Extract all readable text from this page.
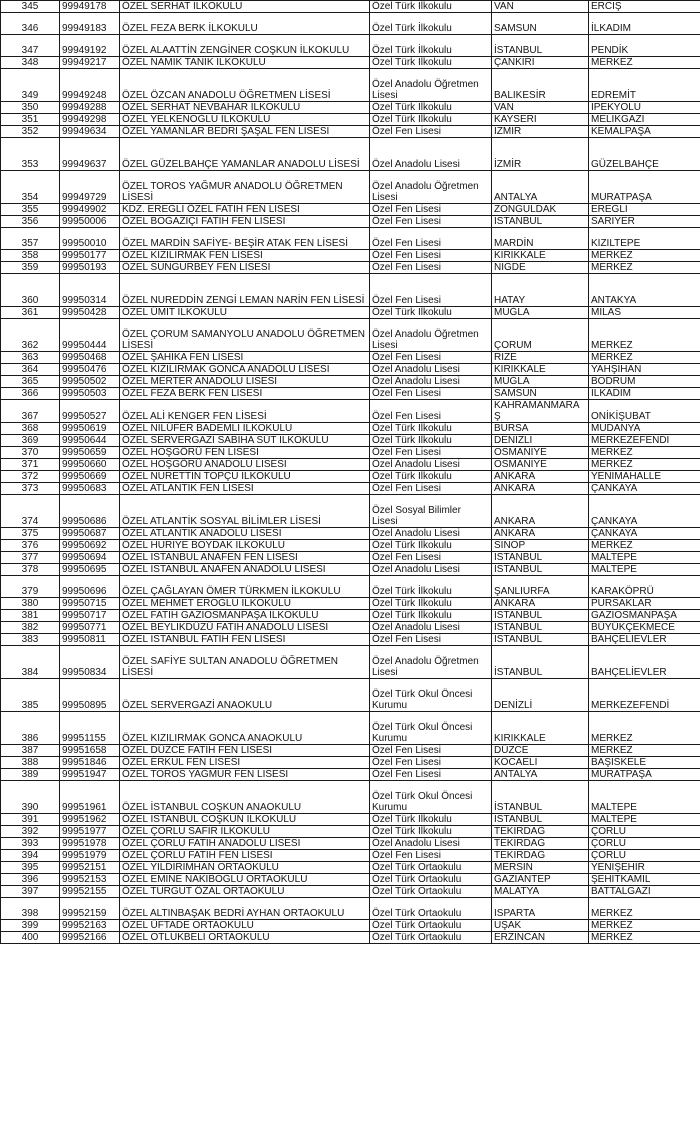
345	99949178	ÖZEL SERHAT İLKOKULU	Özel Türk İlkokulu	VAN	ERCİŞ
346	99949183	ÖZEL FEZA BERK İLKOKULU	Özel Türk İlkokulu	SAMSUN	İLKADIM
347	99949192	ÖZEL ALAATTİN ZENGİNER COŞKUN İLKOKULU	Özel Türk İlkokulu	İSTANBUL	PENDİK
348	99949217	ÖZEL NAMIK TANIK İLKOKULU	Özel Türk İlkokulu	ÇANKIRI	MERKEZ
349	99949248	ÖZEL ÖZCAN ANADOLU ÖĞRETMEN LİSESİ	Özel Anadolu Öğretmen Lisesi	BALIKESİR	EDREMİT
350	99949288	ÖZEL SERHAT NEVBAHAR İLKOKULU	Özel Türk İlkokulu	VAN	İPEKYOLU
351	99949298	ÖZEL YELKENOĞLU İLKOKULU	Özel Türk İlkokulu	KAYSERİ	MELİKGAZİ
352	99949634	ÖZEL YAMANLAR BEDRİ ŞAŞAL FEN LİSESİ	Özel Fen Lisesi	İZMİR	KEMALPAŞA
353	99949637	ÖZEL GÜZELBAHÇE YAMANLAR ANADOLU LİSESİ	Özel Anadolu Lisesi	İZMİR	GÜZELBAHÇE
354	99949729	ÖZEL TOROS YAĞMUR ANADOLU ÖĞRETMEN LİSESİ	Özel Anadolu Öğretmen Lisesi	ANTALYA	MURATPAŞA
355	99949902	KDZ. EREĞLİ ÖZEL FATİH FEN LİSESİ	Özel Fen Lisesi	ZONGULDAK	EREĞLİ
356	99950006	ÖZEL BOĞAZİÇİ FATİH FEN LİSESİ	Özel Fen Lisesi	İSTANBUL	SARIYER
357	99950010	ÖZEL MARDİN SAFİYE- BEŞİR ATAK FEN LİSESİ	Özel Fen Lisesi	MARDİN	KIZILTEPE
358	99950177	ÖZEL KIZILIRMAK FEN LİSESİ	Özel Fen Lisesi	KIRIKKALE	MERKEZ
359	99950193	ÖZEL SUNGURBEY FEN LİSESİ	Özel Fen Lisesi	NİĞDE	MERKEZ
360	99950314	ÖZEL NUREDDİN ZENGİ LEMAN NARİN FEN LİSESİ	Özel Fen Lisesi	HATAY	ANTAKYA
361	99950428	ÖZEL ÜMİT İLKOKULU	Özel Türk İlkokulu	MUĞLA	MİLAS
362	99950444	ÖZEL ÇORUM SAMANYOLU ANADOLU ÖĞRETMEN LİSESİ	Özel Anadolu Öğretmen Lisesi	ÇORUM	MERKEZ
363	99950468	ÖZEL ŞAHİKA FEN LİSESİ	Özel Fen Lisesi	RİZE	MERKEZ
364	99950476	ÖZEL KIZILIRMAK GONCA ANADOLU LİSESİ	Özel Anadolu Lisesi	KIRIKKALE	YAHŞİHAN
365	99950502	ÖZEL MERTER ANADOLU LİSESİ	Özel Anadolu Lisesi	MUĞLA	BODRUM
366	99950503	ÖZEL FEZA BERK FEN LİSESİ	Özel Fen Lisesi	SAMSUN	İLKADIM
367	99950527	ÖZEL ALİ KENGER FEN LİSESİ	Özel Fen Lisesi	KAHRAMANMARAŞ	ONİKİŞUBAT
368	99950619	ÖZEL NİLÜFER BADEMLİ İLKOKULU	Özel Türk İlkokulu	BURSA	MUDANYA
369	99950644	ÖZEL SERVERGAZİ SABİHA SÜT İLKOKULU	Özel Türk İlkokulu	DENİZLİ	MERKEZEFENDİ
370	99950659	ÖZEL HOŞGÖRÜ FEN LİSESİ	Özel Fen Lisesi	OSMANİYE	MERKEZ
371	99950660	ÖZEL HOŞGÖRÜ ANADOLU LİSESİ	Özel Anadolu Lisesi	OSMANİYE	MERKEZ
372	99950669	ÖZEL NURETTİN TOPÇU İLKOKULU	Özel Türk İlkokulu	ANKARA	YENİMAHALLE
373	99950683	ÖZEL ATLANTİK FEN LİSESİ	Özel Fen Lisesi	ANKARA	ÇANKAYA
374	99950686	ÖZEL ATLANTİK SOSYAL BİLİMLER LİSESİ	Özel Sosyal Bilimler Lisesi	ANKARA	ÇANKAYA
375	99950687	ÖZEL ATLANTİK ANADOLU LİSESİ	Özel Anadolu Lisesi	ANKARA	ÇANKAYA
376	99950692	ÖZEL HURİYE BOYDAK İLKOKULU	Özel Türk İlkokulu	SİNOP	MERKEZ
377	99950694	ÖZEL İSTANBUL ANAFEN FEN LİSESİ	Özel Fen Lisesi	İSTANBUL	MALTEPE
378	99950695	ÖZEL İSTANBUL ANAFEN ANADOLU LİSESİ	Özel Anadolu Lisesi	İSTANBUL	MALTEPE
379	99950696	ÖZEL ÇAĞLAYAN ÖMER TÜRKMEN İLKOKULU	Özel Türk İlkokulu	ŞANLIURFA	KARAKÖPRÜ
380	99950715	ÖZEL MEHMET EROĞLU İLKOKULU	Özel Türk İlkokulu	ANKARA	PURSAKLAR
381	99950717	ÖZEL FATİH GAZİOSMANPAŞA İLKOKULU	Özel Türk İlkokulu	İSTANBUL	GAZİOSMANPAŞA
382	99950771	ÖZEL BEYLİKDÜZÜ FATİH ANADOLU LİSESİ	Özel Anadolu Lisesi	İSTANBUL	BÜYÜKÇEKMECE
383	99950811	ÖZEL İSTANBUL FATİH FEN LİSESİ	Özel Fen Lisesi	İSTANBUL	BAHÇELİEVLER
384	99950834	ÖZEL SAFİYE SULTAN ANADOLU ÖĞRETMEN LİSESİ	Özel Anadolu Öğretmen Lisesi	İSTANBUL	BAHÇELİEVLER
385	99950895	ÖZEL SERVERGAZİ ANAOKULU	Özel Türk Okul Öncesi Kurumu	DENİZLİ	MERKEZEFENDİ
386	99951155	ÖZEL KIZILIRMAK GONCA ANAOKULU	Özel Türk Okul Öncesi Kurumu	KIRIKKALE	MERKEZ
387	99951658	ÖZEL DÜZCE FATİH FEN LİSESİ	Özel Fen Lisesi	DÜZCE	MERKEZ
388	99951846	ÖZEL ERKUL FEN LİSESİ	Özel Fen Lisesi	KOCAELİ	BAŞİSKELE
389	99951947	ÖZEL TOROS YAĞMUR FEN LİSESİ	Özel Fen Lisesi	ANTALYA	MURATPAŞA
390	99951961	ÖZEL İSTANBUL COŞKUN ANAOKULU	Özel Türk Okul Öncesi Kurumu	İSTANBUL	MALTEPE
391	99951962	ÖZEL İSTANBUL COŞKUN İLKOKULU	Özel Türk İlkokulu	İSTANBUL	MALTEPE
392	99951977	ÖZEL ÇORLU SAFİR İLKOKULU	Özel Türk İlkokulu	TEKİRDAĞ	ÇORLU
393	99951978	ÖZEL ÇORLU FATİH ANADOLU LİSESİ	Özel Anadolu Lisesi	TEKİRDAĞ	ÇORLU
394	99951979	ÖZEL ÇORLU FATİH FEN LİSESİ	Özel Fen Lisesi	TEKİRDAĞ	ÇORLU
395	99952151	ÖZEL YILDIRIMHAN ORTAOKULU	Özel Türk Ortaokulu	MERSİN	YENİŞEHİR
396	99952153	ÖZEL EMİNE NAKİBOĞLU ORTAOKULU	Özel Türk Ortaokulu	GAZİANTEP	ŞEHİTKAMİL
397	99952155	ÖZEL TURGUT ÖZAL ORTAOKULU	Özel Türk Ortaokulu	MALATYA	BATTALGAZİ
398	99952159	ÖZEL ALTINBAŞAK BEDRİ AYHAN ORTAOKULU	Özel Türk Ortaokulu	ISPARTA	MERKEZ
399	99952163	ÖZEL ÜFTADE ORTAOKULU	Özel Türk Ortaokulu	UŞAK	MERKEZ
400	99952166	ÖZEL OTLUKBELİ ORTAOKULU	Özel Türk Ortaokulu	ERZİNCAN	MERKEZ
